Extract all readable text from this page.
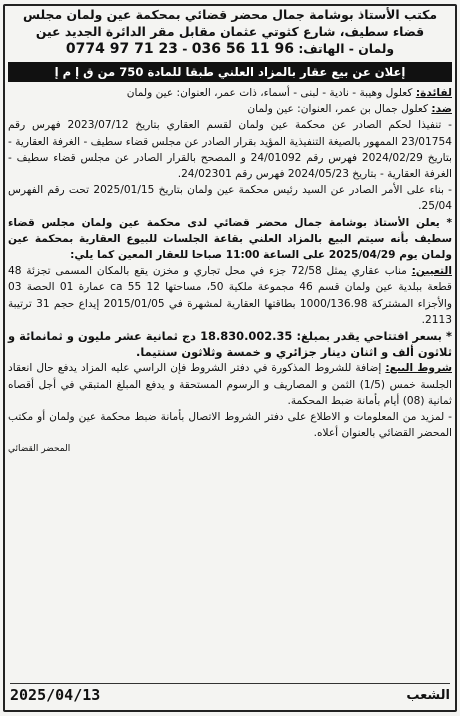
مكتب الأستاذ بوشامة جمال محضر قضائي بمحكمة عين ولمان مجلس
قضاء سطيف، شارع كثوتي عثمان مقابل مقر الدائرة الجديد عين
ولمان - الهاتف: 036 56 11 96 - 0774 97 71 23
إعلان عن بيع عقار بالمزاد العلني طبقا للمادة 750 من ق إ م إ

لفائدة: كعلول وهيبة - نادية - لبنى - أسماء، ذات عمر، العنوان: عين ولمان

ضد: كعلول جمال بن عمر، العنوان: عين ولمان

- تنفيذا لحكم الصادر عن محكمة عين ولمان لقسم العقاري بتاريخ 2023/07/12 فهرس رقم 23/01754 الممهور بالصيغة التنفيذية المؤيد بقرار الصادر عن مجلس قضاء سطيف - الغرفة العقارية - بتاريخ 2024/02/29 فهرس رقم 24/01092 و المصحح بالقرار الصادر عن مجلس قضاء سطيف - الغرفة العقارية - بتاريخ 2024/05/23 فهرس رقم 24/02301.

- بناء على الأمر الصادر عن السيد رئيس محكمة عين ولمان بتاريخ 2025/01/15 تحت رقم الفهرس 25/04.

* يعلن الأستاذ بوشامة جمال محضر قضائي لدى محكمة عين ولمان مجلس قضاء سطيف بأنه سيتم البيع بالمزاد العلني بقاعة الجلسات للبيوع العقارية بمحكمة عين ولمان يوم 2025/04/29 على الساعة 11:00 صباحا للعقار المعين كما يلي:

التعيين: مناب عقاري يمثل 72/58 جزء في محل تجاري و مخزن يقع بالمكان المسمى تجزئة 48 قطعة ببلدية عين ولمان قسم 46 مجموعة ملكية 50، مساحتها 12 ca 55 عمارة 01 الحصة 03 والأجزاء المشتركة 1000/136.98 بطاقتها العقارية لمشهرة في 2015/01/05 إيداع حجم 31 ترتيبة 2113.

* بسعر افتتاحي يقدر بمبلغ: 18.830.002.35 دج ثمانية عشر مليون و ثمانمائة و ثلاثون ألف و اثنان دينار جزائري و خمسة وثلاثون سنتيما.

شروط البيع: إضافة للشروط المذكورة في دفتر الشروط فإن الراسي عليه المزاد يدفع حال انعقاد الجلسة خمس (1/5) الثمن و المصاريف و الرسوم المستحقة و يدفع المبلغ المتبقي في أجل أقصاه ثمانية (08) أيام بأمانة ضبط المحكمة.

- لمزيد من المعلومات و الاطلاع على دفتر الشروط الاتصال بأمانة ضبط محكمة عين ولمان أو مكتب المحضر القضائي بالعنوان أعلاه.

المحضر القضائي

الشعب
2025/04/13
